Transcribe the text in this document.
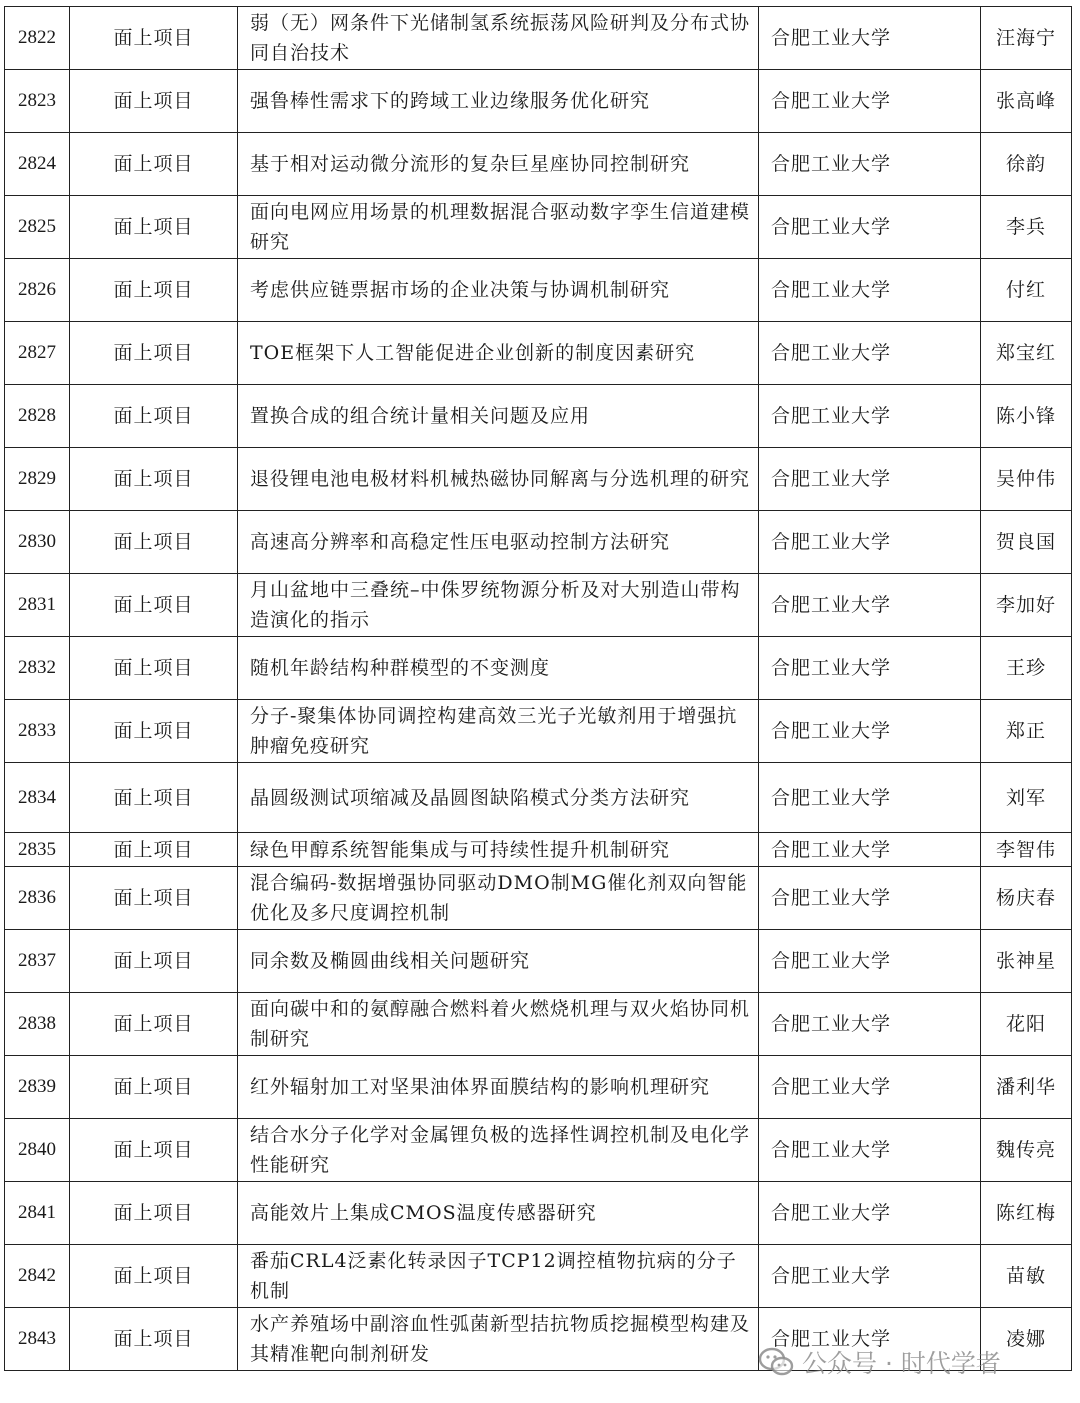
2822	面上项目	弱（无）网条件下光储制氢系统振荡风险研判及分布式协同自治技术	合肥工业大学	汪海宁
2823	面上项目	强鲁棒性需求下的跨域工业边缘服务优化研究	合肥工业大学	张高峰
2824	面上项目	基于相对运动微分流形的复杂巨星座协同控制研究	合肥工业大学	徐韵
2825	面上项目	面向电网应用场景的机理数据混合驱动数字孪生信道建模研究	合肥工业大学	李兵
2826	面上项目	考虑供应链票据市场的企业决策与协调机制研究	合肥工业大学	付红
2827	面上项目	TOE框架下人工智能促进企业创新的制度因素研究	合肥工业大学	郑宝红
2828	面上项目	置换合成的组合统计量相关问题及应用	合肥工业大学	陈小锋
2829	面上项目	退役锂电池电极材料机械热磁协同解离与分选机理的研究	合肥工业大学	吴仲伟
2830	面上项目	高速高分辨率和高稳定性压电驱动控制方法研究	合肥工业大学	贺良国
2831	面上项目	月山盆地中三叠统–中侏罗统物源分析及对大别造山带构造演化的指示	合肥工业大学	李加好
2832	面上项目	随机年龄结构种群模型的不变测度	合肥工业大学	王珍
2833	面上项目	分子-聚集体协同调控构建高效三光子光敏剂用于增强抗肿瘤免疫研究	合肥工业大学	郑正
2834	面上项目	晶圆级测试项缩减及晶圆图缺陷模式分类方法研究	合肥工业大学	刘军
2835	面上项目	绿色甲醇系统智能集成与可持续性提升机制研究	合肥工业大学	李智伟
2836	面上项目	混合编码-数据增强协同驱动DMO制MG催化剂双向智能优化及多尺度调控机制	合肥工业大学	杨庆春
2837	面上项目	同余数及椭圆曲线相关问题研究	合肥工业大学	张神星
2838	面上项目	面向碳中和的氨醇融合燃料着火燃烧机理与双火焰协同机制研究	合肥工业大学	花阳
2839	面上项目	红外辐射加工对坚果油体界面膜结构的影响机理研究	合肥工业大学	潘利华
2840	面上项目	结合水分子化学对金属锂负极的选择性调控机制及电化学性能研究	合肥工业大学	魏传亮
2841	面上项目	高能效片上集成CMOS温度传感器研究	合肥工业大学	陈红梅
2842	面上项目	番茄CRL4泛素化转录因子TCP12调控植物抗病的分子机制	合肥工业大学	苗敏
2843	面上项目	水产养殖场中副溶血性弧菌新型拮抗物质挖掘模型构建及其精准靶向制剂研发	合肥工业大学	凌娜
公众号 · 时代学者
